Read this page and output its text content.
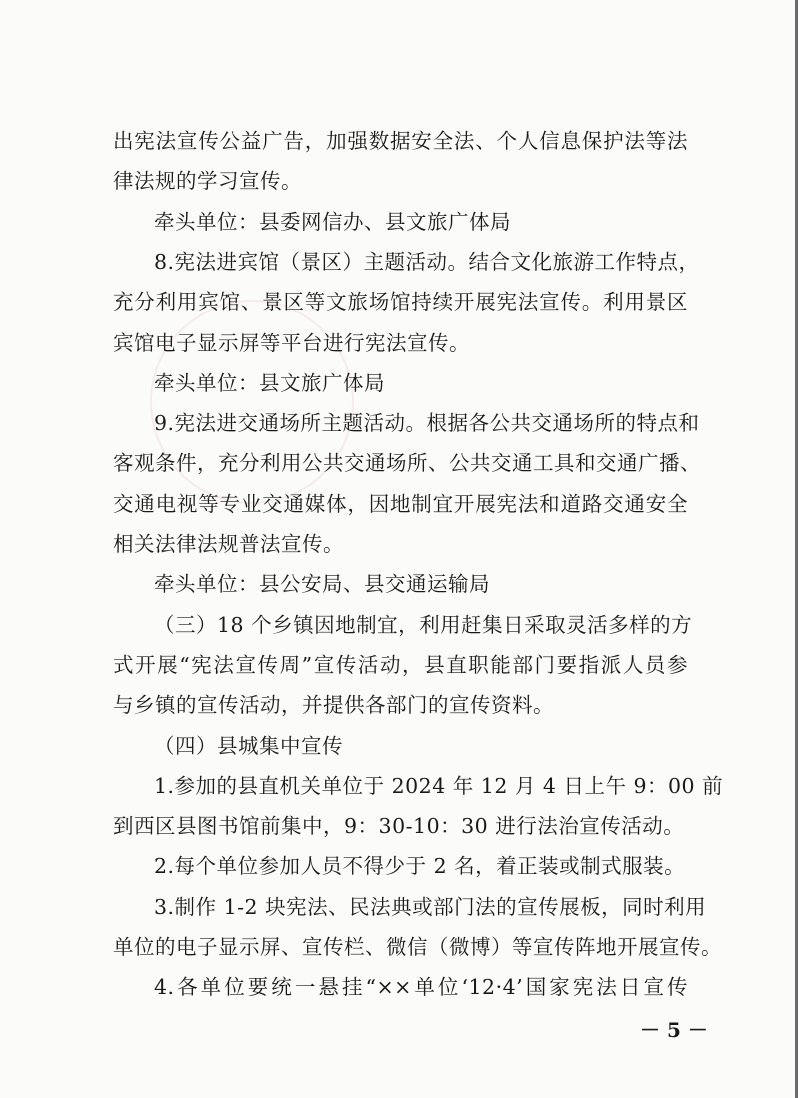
出宪法宣传公益广告，加强数据安全法、个人信息保护法等法
律法规的学习宣传。
牵头单位：县委网信办、县文旅广体局
8.宪法进宾馆（景区）主题活动。结合文化旅游工作特点，
充分利用宾馆、景区等文旅场馆持续开展宪法宣传。利用景区
宾馆电子显示屏等平台进行宪法宣传。
牵头单位：县文旅广体局
9.宪法进交通场所主题活动。根据各公共交通场所的特点和
客观条件，充分利用公共交通场所、公共交通工具和交通广播、
交通电视等专业交通媒体，因地制宜开展宪法和道路交通安全
相关法律法规普法宣传。
牵头单位：县公安局、县交通运输局
（三）18 个乡镇因地制宜，利用赶集日采取灵活多样的方
式开展“宪法宣传周”宣传活动，县直职能部门要指派人员参
与乡镇的宣传活动，并提供各部门的宣传资料。
（四）县城集中宣传
1.参加的县直机关单位于 2024 年 12 月 4 日上午 9：00 前
到西区县图书馆前集中，9：30-10：30 进行法治宣传活动。
2.每个单位参加人员不得少于 2 名，着正装或制式服装。
3.制作 1-2 块宪法、民法典或部门法的宣传展板，同时利用
单位的电子显示屏、宣传栏、微信（微博）等宣传阵地开展宣传。
－ 5 －
4.各单位要统一悬挂“××单位‘12·4’国家宪法日宣传
